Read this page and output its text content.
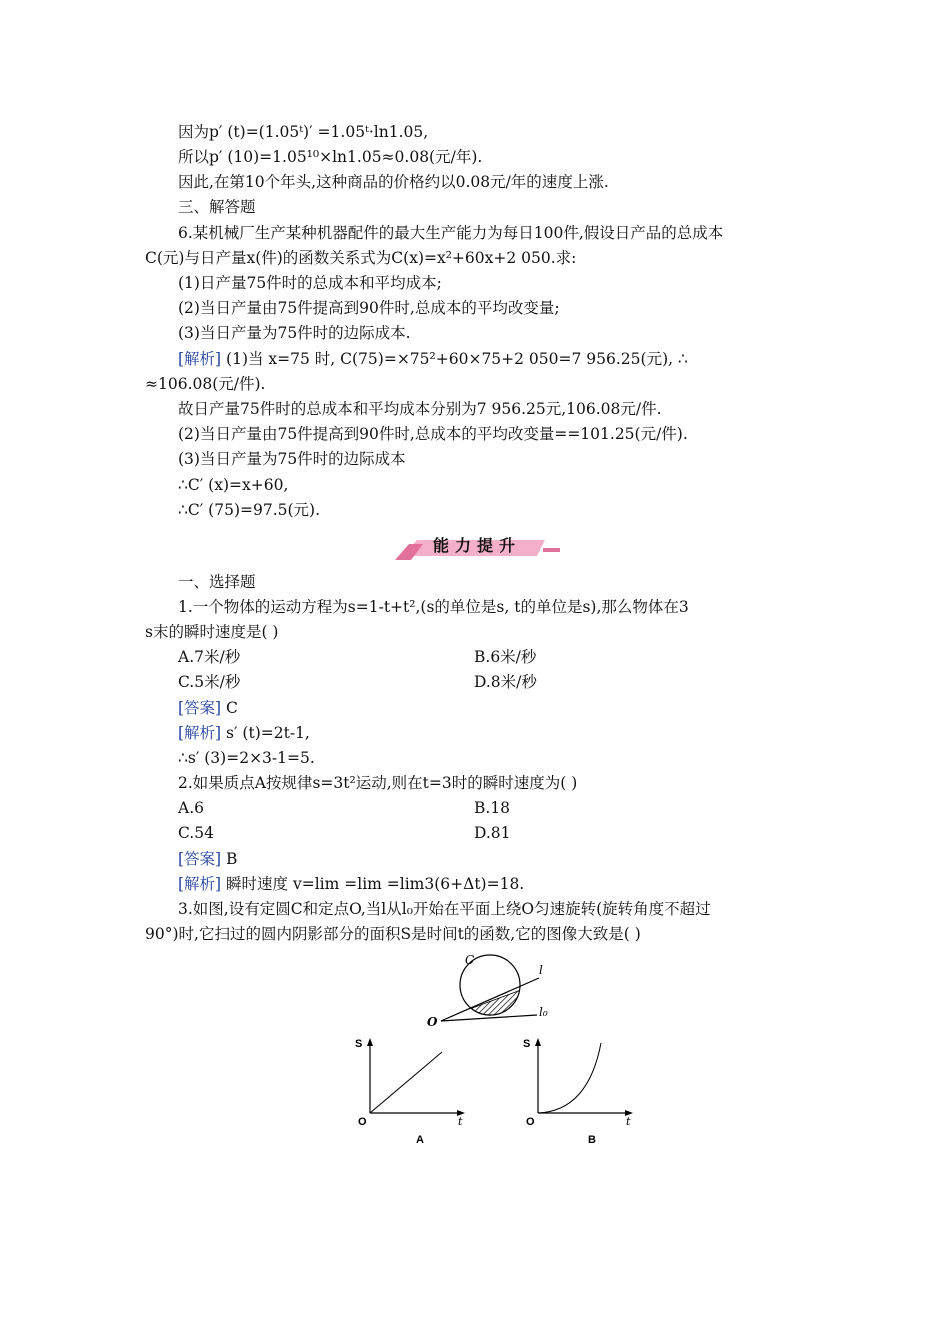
因为p′ (t)=(1.05ᵗ)′ =1.05ᵗ·ln1.05,
所以p′ (10)=1.05¹⁰×ln1.05≈0.08(元/年).
因此,在第10个年头,这种商品的价格约以0.08元/年的速度上涨.
三、解答题
6.某机械厂生产某种机器配件的最大生产能力为每日100件,假设日产品的总成本
C(元)与日产量x(件)的函数关系式为C(x)=x²+60x+2 050.求:
(1)日产量75件时的总成本和平均成本;
(2)当日产量由75件提高到90件时,总成本的平均改变量;
(3)当日产量为75件时的边际成本.
[解析] (1)当 x=75 时, C(75)=×75²+60×75+2 050=7 956.25(元), ∴
≈106.08(元/件).
故日产量75件时的总成本和平均成本分别为7 956.25元,106.08元/件.
(2)当日产量由75件提高到90件时,总成本的平均改变量==101.25(元/件).
(3)当日产量为75件时的边际成本
∴C′ (x)=x+60,
∴C′ (75)=97.5(元).
能力提升
一、选择题
1.一个物体的运动方程为s=1-t+t²,(s的单位是s, t的单位是s),那么物体在3
s末的瞬时速度是( )
A.7米/秒	B.6米/秒
C.5米/秒	D.8米/秒
[答案] C
[解析] s′ (t)=2t-1,
∴s′ (3)=2×3-1=5.
2.如果质点A按规律s=3t²运动,则在t=3时的瞬时速度为( )
A.6	B.18
C.54	D.81
[答案] B
[解析] 瞬时速度 v=lim =lim =lim3(6+Δt)=18.
3.如图,设有定圆C和定点O,当l从l₀开始在平面上绕O匀速旋转(旋转角度不超过
90°)时,它扫过的圆内阴影部分的面积S是时间t的函数,它的图像大致是( )
C
l
l₀
O
S
O	t
A
S
O	t
B
